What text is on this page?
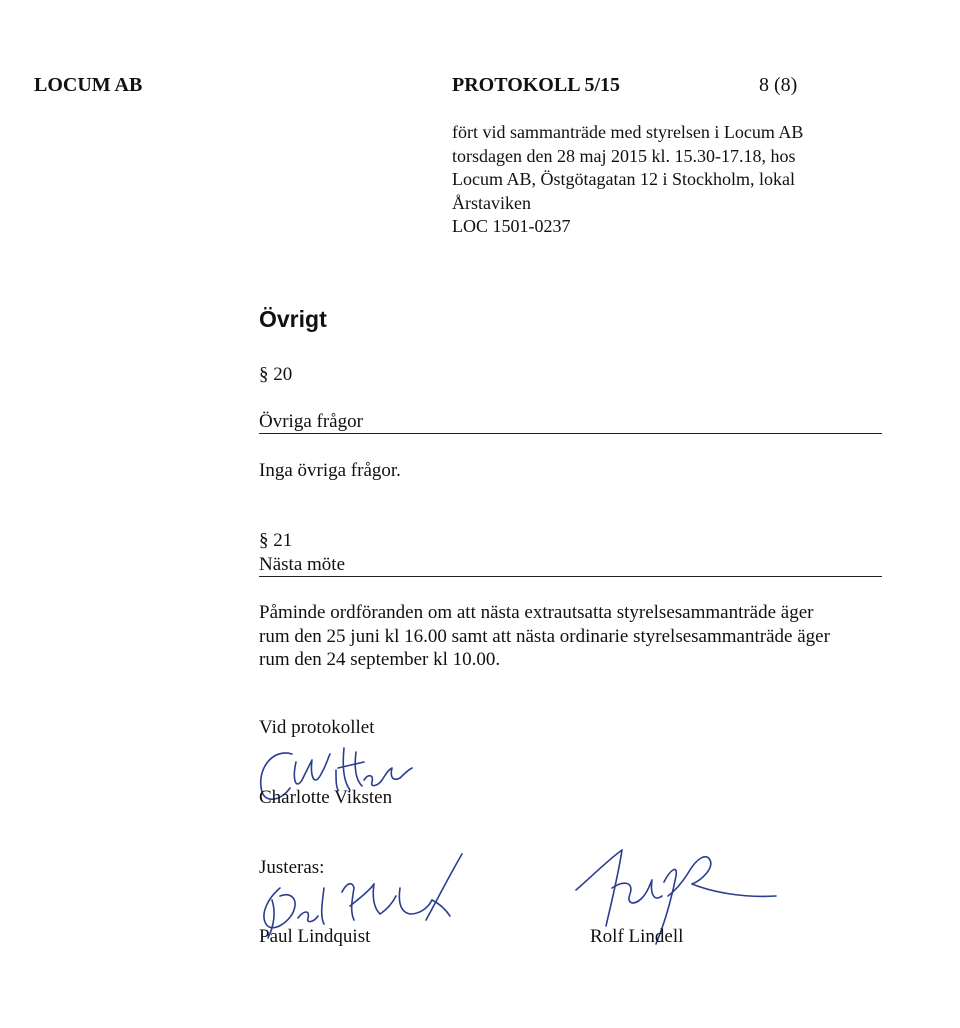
LOCUM AB	PROTOKOLL 5/15	8 (8)
fört vid sammanträde med styrelsen i Locum AB
torsdagen den 28 maj 2015 kl. 15.30-17.18, hos
Locum AB, Östgötagatan 12 i Stockholm, lokal
Årstaviken
LOC 1501-0237
Övrigt
§ 20
Övriga frågor
Inga övriga frågor.
§ 21
Nästa möte
Påminde ordföranden om att nästa extrautsatta styrelsesammanträde äger
rum den 25 juni kl 16.00 samt att nästa ordinarie styrelsesammanträde äger
rum den 24 september kl 10.00.
Vid protokollet
Charlotte Viksten
Justeras:
Paul Lindquist	Rolf Lindell
